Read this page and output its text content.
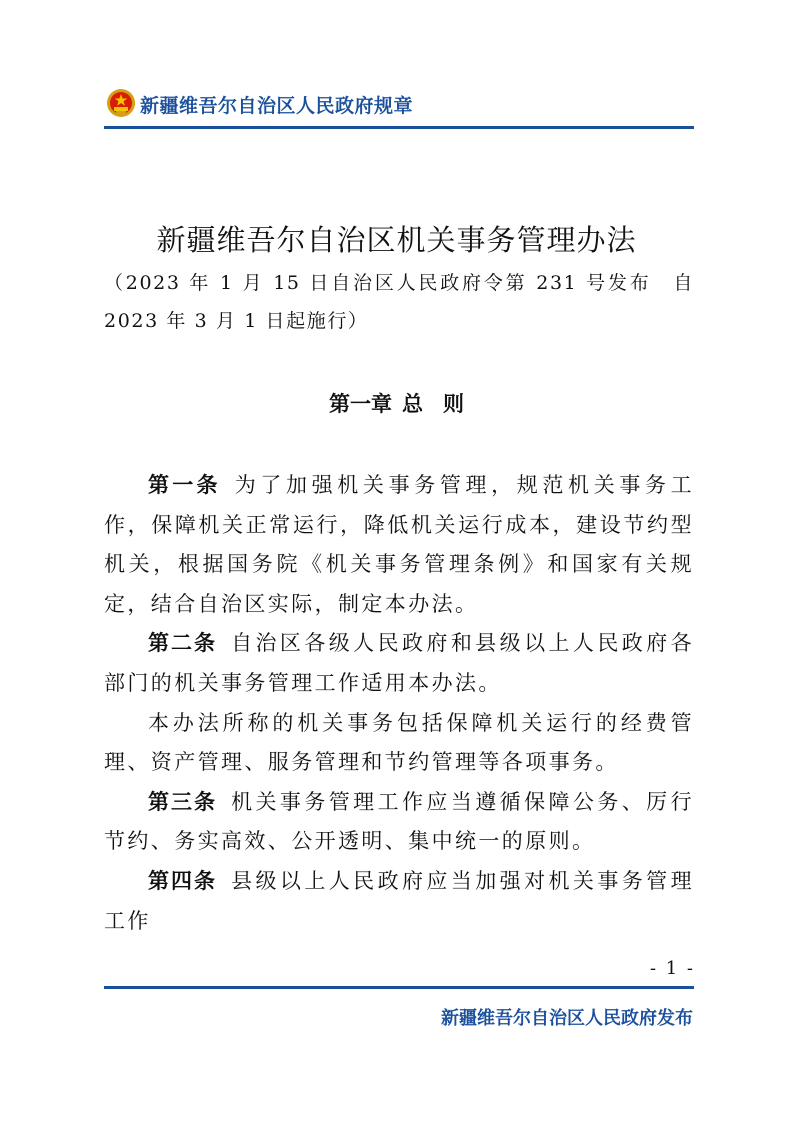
新疆维吾尔自治区人民政府规章
新疆维吾尔自治区机关事务管理办法
（2023 年 1 月 15 日自治区人民政府令第 231 号发布　自 2023 年 3 月 1 日起施行）
第一章 总 则

第一条 为了加强机关事务管理，规范机关事务工作，保障机关正常运行，降低机关运行成本，建设节约型机关，根据国务院《机关事务管理条例》和国家有关规定，结合自治区实际，制定本办法。

第二条 自治区各级人民政府和县级以上人民政府各部门的机关事务管理工作适用本办法。

本办法所称的机关事务包括保障机关运行的经费管理、资产管理、服务管理和节约管理等各项事务。

第三条 机关事务管理工作应当遵循保障公务、厉行节约、务实高效、公开透明、集中统一的原则。

第四条 县级以上人民政府应当加强对机关事务管理工作

- 1 -
新疆维吾尔自治区人民政府发布
